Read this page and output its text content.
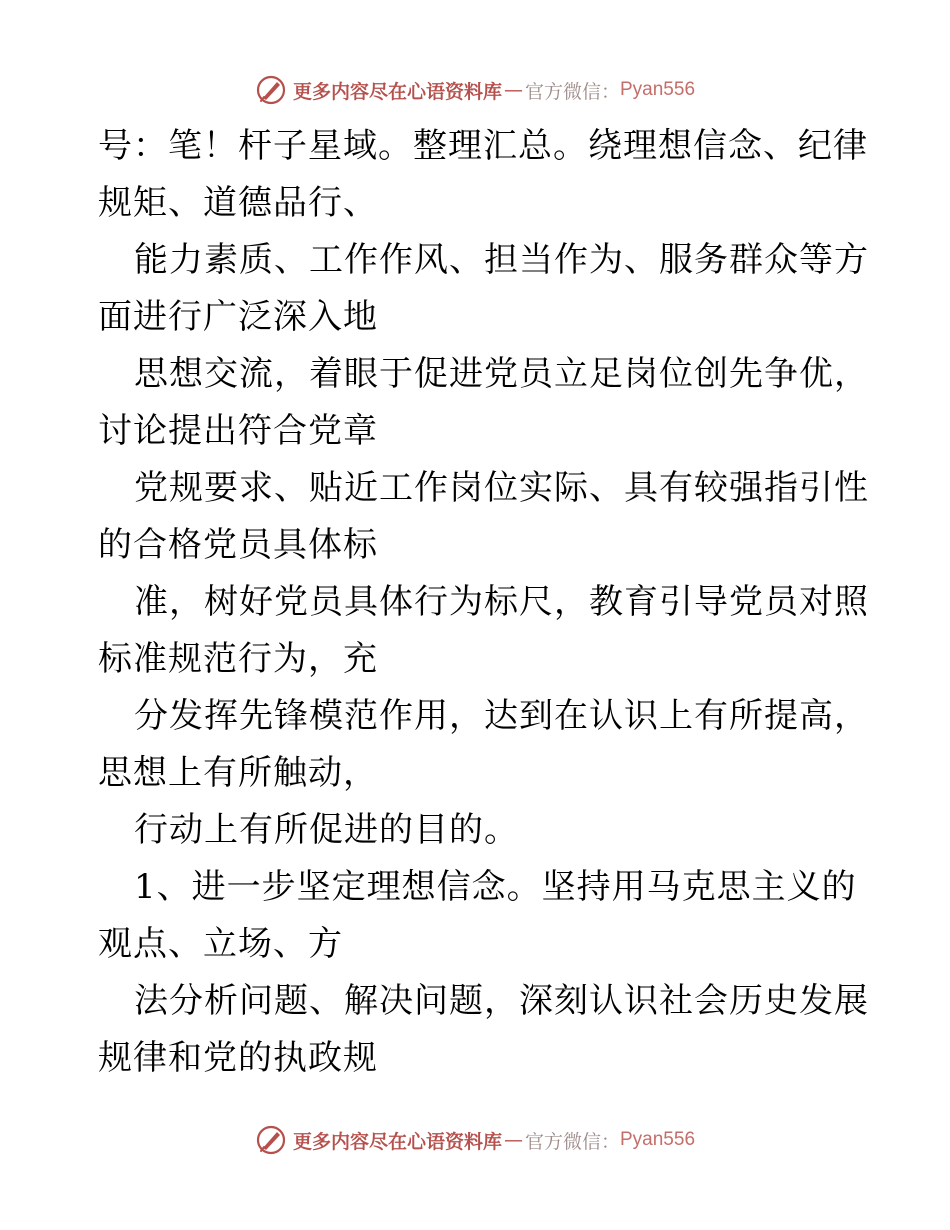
更多内容尽在心语资料库 — 官方微信： Pyan556
号：笔！杆子星域。整理汇总。绕理想信念、纪律
规矩、道德品行、
能力素质、工作作风、担当作为、服务群众等方
面进行广泛深入地
思想交流，着眼于促进党员立足岗位创先争优，
讨论提出符合党章
党规要求、贴近工作岗位实际、具有较强指引性
的合格党员具体标
准，树好党员具体行为标尺，教育引导党员对照
标准规范行为，充
分发挥先锋模范作用，达到在认识上有所提高，
思想上有所触动，
行动上有所促进的目的。
1、进一步坚定理想信念。坚持用马克思主义的
观点、立场、方
法分析问题、解决问题，深刻认识社会历史发展
规律和党的执政规
更多内容尽在心语资料库 — 官方微信： Pyan556
